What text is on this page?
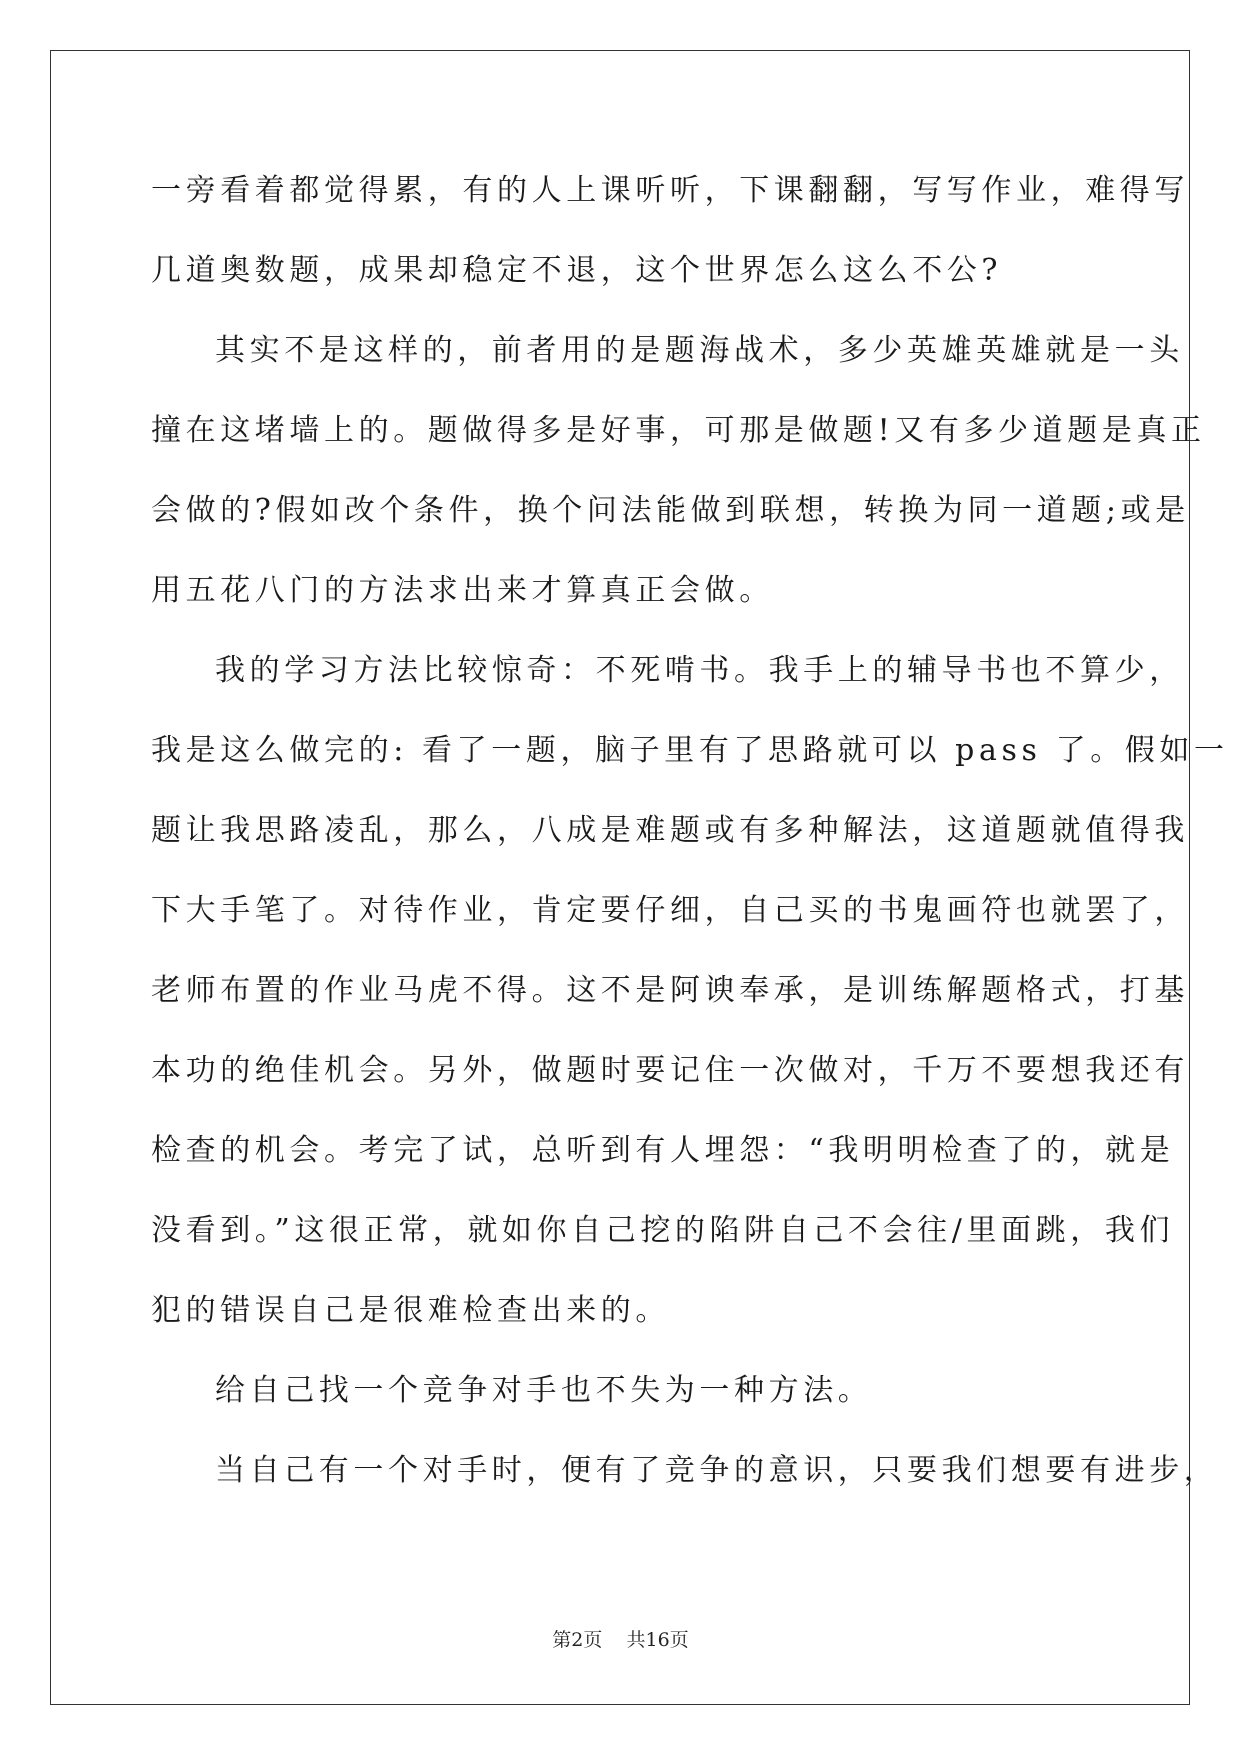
一旁看着都觉得累，有的人上课听听，下课翻翻，写写作业，难得写

几道奥数题，成果却稳定不退，这个世界怎么这么不公?

其实不是这样的，前者用的是题海战术，多少英雄英雄就是一头

撞在这堵墙上的。题做得多是好事，可那是做题!又有多少道题是真正

会做的?假如改个条件，换个问法能做到联想，转换为同一道题;或是

用五花八门的方法求出来才算真正会做。

我的学习方法比较惊奇：不死啃书。我手上的辅导书也不算少，

我是这么做完的: 看了一题，脑子里有了思路就可以 pass 了。假如一

题让我思路凌乱，那么，八成是难题或有多种解法，这道题就值得我

下大手笔了。对待作业，肯定要仔细，自己买的书鬼画符也就罢了，

老师布置的作业马虎不得。这不是阿谀奉承，是训练解题格式，打基

本功的绝佳机会。另外，做题时要记住一次做对，千万不要想我还有

检查的机会。考完了试，总听到有人埋怨：“我明明检查了的，就是

没看到。”这很正常，就如你自己挖的陷阱自己不会往/里面跳，我们

犯的错误自己是很难检查出来的。

给自己找一个竞争对手也不失为一种方法。

当自己有一个对手时，便有了竞争的意识，只要我们想要有进步，

第2页    共16页
